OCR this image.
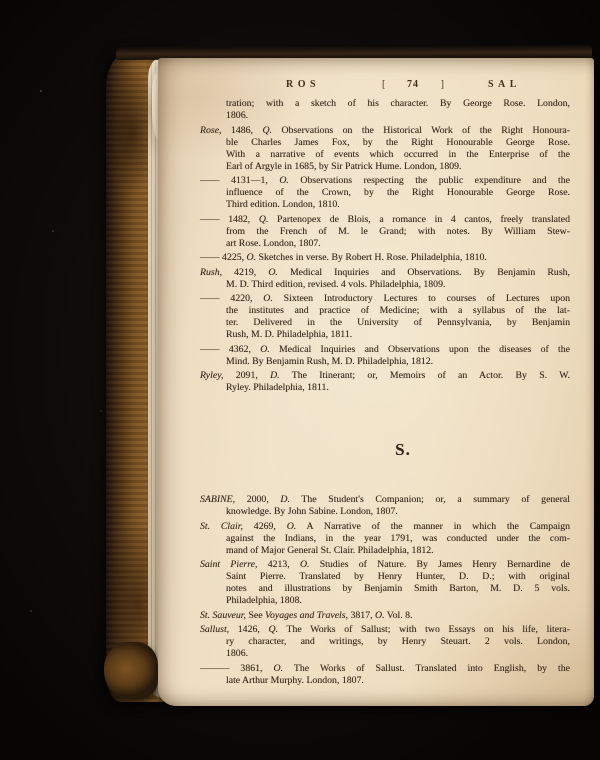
ROS	[ 74 ]	SAL
tration; with a sketch of his character. By George Rose. London,
1806.
Rose, 1486, Q. Observations on the Historical Work of the Right Honoura-
ble Charles James Fox, by the Right Honourable George Rose.
With a narrative of events which occurred in the Enterprise of the
Earl of Argyle in 1685, by Sir Patrick Hume. London, 1809.
—— 4131—1, O. Observations respecting the public expenditure and the
influence of the Crown, by the Right Honourable George Rose.
Third edition. London, 1810.
—— 1482, Q. Partenopex de Blois, a romance in 4 cantos, freely translated
from the French of M. le Grand; with notes. By William Stew-
art Rose. London, 1807.
—— 4225, O. Sketches in verse. By Robert H. Rose. Philadelphia, 1810.
Rush, 4219, O. Medical Inquiries and Observations. By Benjamin Rush,
M. D. Third edition, revised. 4 vols. Philadelphia, 1809.
—— 4220, O. Sixteen Introductory Lectures to courses of Lectures upon
the institutes and practice of Medicine; with a syllabus of the lat-
ter. Delivered in the University of Pennsylvania, by Benjamin
Rush, M. D. Philadelphia, 1811.
—— 4362, O. Medical Inquiries and Observations upon the diseases of the
Mind. By Benjamin Rush, M. D. Philadelphia, 1812.
Ryley, 2091, D. The Itinerant; or, Memoirs of an Actor. By S. W.
Ryley. Philadelphia, 1811.
S.
SABINE, 2000, D. The Student's Companion; or, a summary of general
knowledge. By John Sabine. London, 1807.
St. Clair, 4269, O. A Narrative of the manner in which the Campaign
against the Indians, in the year 1791, was conducted under the com-
mand of Major General St. Clair. Philadelphia, 1812.
Saint Pierre, 4213, O. Studies of Nature. By James Henry Bernardine de
Saint Pierre. Translated by Henry Hunter, D. D.; with original
notes and illustrations by Benjamin Smith Barton, M. D. 5 vols.
Philadelphia, 1808.
St. Sauveur, See Voyages and Travels, 3817, O. Vol. 8.
Sallust, 1426, Q. The Works of Sallust; with two Essays on his life, litera-
ry character, and writings, by Henry Steuart. 2 vols. London,
1806.
——— 3861, O. The Works of Sallust. Translated into English, by the
late Arthur Murphy. London, 1807.
